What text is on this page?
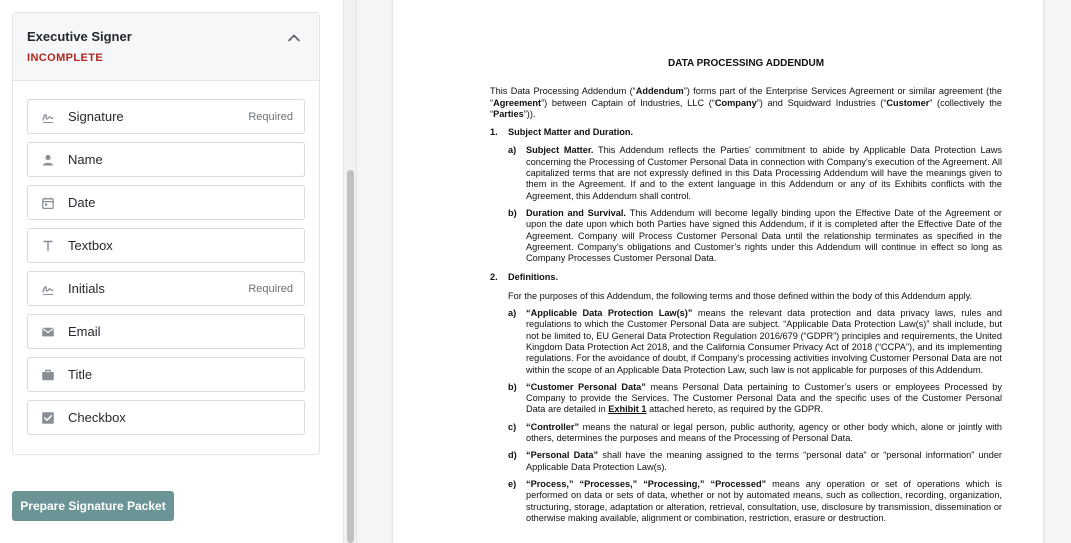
Executive Signer
INCOMPLETE
Signature	Required
Name
Date
Textbox
Initials	Required
Email
Title
Checkbox
Prepare Signature Packet
DATA PROCESSING ADDENDUM

This Data Processing Addendum (“Addendum”) forms part of the Enterprise Services Agreement or similar agreement (the “Agreement”) between Captain of Industries, LLC (“Company”) and Squidward Industries (“Customer” (collectively the “Parties”)).

1. Subject Matter and Duration.
a) Subject Matter. This Addendum reflects the Parties’ commitment to abide by Applicable Data Protection Laws concerning the Processing of Customer Personal Data in connection with Company’s execution of the Agreement. All capitalized terms that are not expressly defined in this Data Processing Addendum will have the meanings given to them in the Agreement. If and to the extent language in this Addendum or any of its Exhibits conflicts with the Agreement, this Addendum shall control.
b) Duration and Survival. This Addendum will become legally binding upon the Effective Date of the Agreement or upon the date upon which both Parties have signed this Addendum, if it is completed after the Effective Date of the Agreement. Company will Process Customer Personal Data until the relationship terminates as specified in the Agreement. Company’s obligations and Customer’s rights under this Addendum will continue in effect so long as Company Processes Customer Personal Data.
2. Definitions.

For the purposes of this Addendum, the following terms and those defined within the body of this Addendum apply.

a) “Applicable Data Protection Law(s)” means the relevant data protection and data privacy laws, rules and regulations to which the Customer Personal Data are subject. “Applicable Data Protection Law(s)” shall include, but not be limited to, EU General Data Protection Regulation 2016/679 (“GDPR”) principles and requirements, the United Kingdom Data Protection Act 2018, and the California Consumer Privacy Act of 2018 (“CCPA”), and its implementing regulations. For the avoidance of doubt, if Company’s processing activities involving Customer Personal Data are not within the scope of an Applicable Data Protection Law, such law is not applicable for purposes of this Addendum.
b) “Customer Personal Data” means Personal Data pertaining to Customer’s users or employees Processed by Company to provide the Services. The Customer Personal Data and the specific uses of the Customer Personal Data are detailed in Exhibit 1 attached hereto, as required by the GDPR.
c) “Controller” means the natural or legal person, public authority, agency or other body which, alone or jointly with others, determines the purposes and means of the Processing of Personal Data.
d) “Personal Data” shall have the meaning assigned to the terms “personal data” or “personal information” under Applicable Data Protection Law(s).
e) “Process,” “Processes,” “Processing,” “Processed” means any operation or set of operations which is performed on data or sets of data, whether or not by automated means, such as collection, recording, organization, structuring, storage, adaptation or alteration, retrieval, consultation, use, disclosure by transmission, dissemination or otherwise making available, alignment or combination, restriction, erasure or destruction.
